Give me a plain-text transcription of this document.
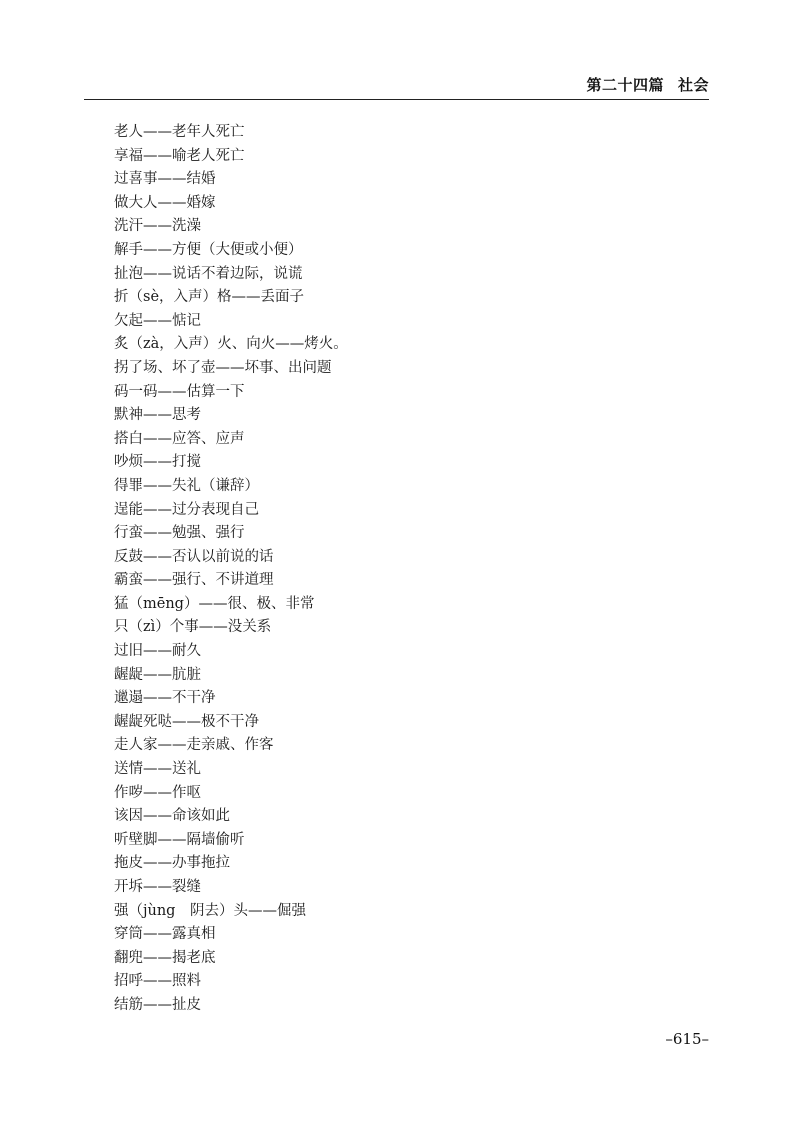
第二十四篇 社会
老人——老年人死亡
享福——喻老人死亡
过喜事——结婚
做大人——婚嫁
洗汗——洗澡
解手——方便（大便或小便）
扯泡——说话不着边际，说谎
折（sè，入声）格——丢面子
欠起——惦记
炙（zà，入声）火、向火——烤火。
拐了场、坏了壶——坏事、出问题
码一码——估算一下
默神——思考
搭白——应答、应声
吵烦——打搅
得罪——失礼（谦辞）
逞能——过分表现自己
行蛮——勉强、强行
反鼓——否认以前说的话
霸蛮——强行、不讲道理
猛（mēng）——很、极、非常
只（zì）个事——没关系
过旧——耐久
龌龊——肮脏
邋遢——不干净
龌龊死哒——极不干净
走人家——走亲戚、作客
送情——送礼
作哕——作呕
该因——命该如此
听壁脚——隔墙偷听
拖皮——办事拖拉
开坼——裂缝
强（jùng　阴去）头——倔强
穿筒——露真相
翻兜——揭老底
招呼——照料
结筋——扯皮
–615–
